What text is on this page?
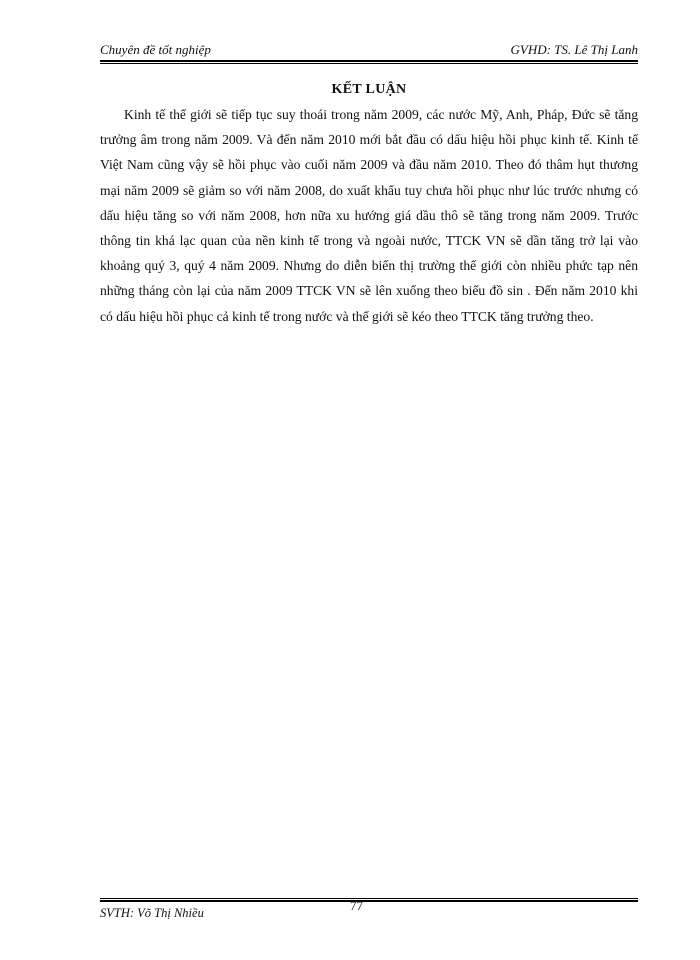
Chuyên đề tốt nghiệp	GVHD: TS. Lê Thị Lanh
KẾT LUẬN

Kinh tế thế giới sẽ tiếp tục suy thoái trong năm 2009, các nước Mỹ, Anh, Pháp, Đức sẽ tăng trưởng âm trong năm 2009. Và đến năm 2010 mới bắt đầu có dấu hiệu hồi phục kinh tế. Kinh tế Việt Nam cũng vậy sẽ hồi phục vào cuối năm 2009 và đầu năm 2010. Theo đó thâm hụt thương mại năm 2009 sẽ giảm so với năm 2008, do xuất khẩu tuy chưa hồi phục như lúc trước nhưng có dấu hiệu tăng so với năm 2008, hơn nữa xu hướng giá dầu thô sẽ tăng trong năm 2009. Trước thông tin khá lạc quan của nền kinh tế trong và ngoài nước, TTCK VN sẽ dần tăng trở lại vào khoảng quý 3, quý 4 năm 2009. Nhưng do diễn biến thị trường thế giới còn nhiều phức tạp nên những tháng còn lại của năm 2009 TTCK VN sẽ lên xuống theo biểu đồ sin . Đến năm 2010 khi có dấu hiệu hồi phục cả kinh tế trong nước và thế giới sẽ kéo theo TTCK tăng trưởng theo.

SVTH: Võ Thị Nhiều	77
